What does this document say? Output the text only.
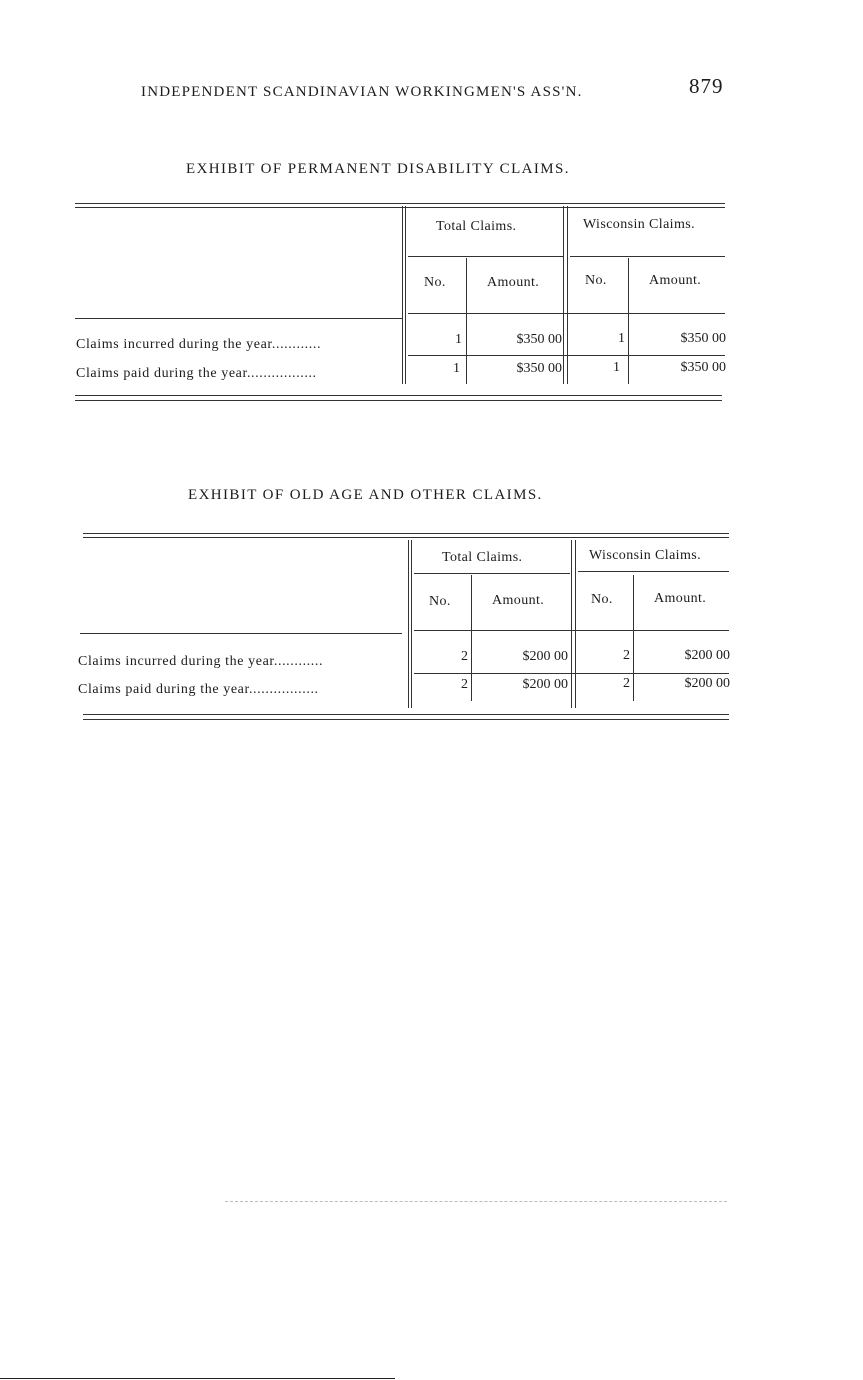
INDEPENDENT SCANDINAVIAN WORKINGMEN'S ASS'N.	879
EXHIBIT OF PERMANENT DISABILITY CLAIMS.
Total Claims.	Wisconsin Claims.
No.	Amount.	No.	Amount.
Claims incurred during the year............	1	$350 00	1	$350 00
Claims paid during the year.................	1	$350 00	1	$350 00
EXHIBIT OF OLD AGE AND OTHER CLAIMS.
Total Claims.	Wisconsin Claims.
No.	Amount.	No.	Amount.
Claims incurred during the year............	2	$200 00	2	$200 00
Claims paid during the year.................	2	$200 00	2	$200 00
